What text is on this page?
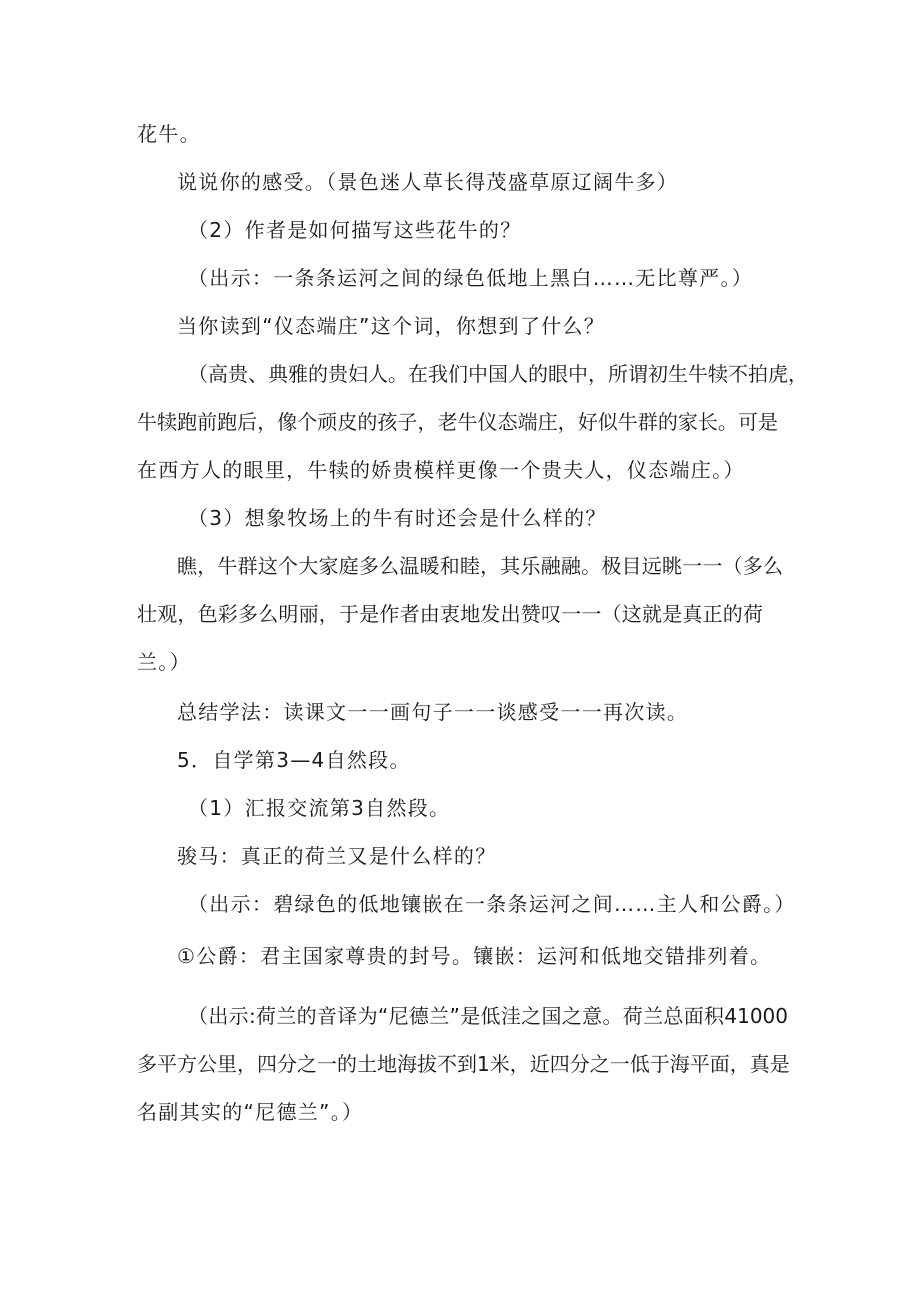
花牛。
说说你的感受。（景色迷人草长得茂盛草原辽阔牛多）
（2）作者是如何描写这些花牛的？
（出示：一条条运河之间的绿色低地上黑白……无比尊严。）
当你读到“仪态端庄”这个词，你想到了什么？
（高贵、典雅的贵妇人。在我们中国人的眼中，所谓初生牛犊不拍虎，
牛犊跑前跑后，像个顽皮的孩子，老牛仪态端庄，好似牛群的家长。可是
在西方人的眼里，牛犊的娇贵模样更像一个贵夫人，仪态端庄。）
（3）想象牧场上的牛有时还会是什么样的？
瞧，牛群这个大家庭多么温暖和睦，其乐融融。极目远眺一一（多么
壮观，色彩多么明丽，于是作者由衷地发出赞叹一一（这就是真正的荷
兰。）
总结学法：读课文一一画句子一一谈感受一一再次读。
5．自学第3—4自然段。
（1）汇报交流第3自然段。
骏马：真正的荷兰又是什么样的？
（出示：碧绿色的低地镶嵌在一条条运河之间……主人和公爵。）
①公爵：君主国家尊贵的封号。镶嵌：运河和低地交错排列着。
（出示:荷兰的音译为“尼德兰”是低洼之国之意。荷兰总面积41000
多平方公里，四分之一的土地海拔不到1米，近四分之一低于海平面，真是
名副其实的“尼德兰”。）
